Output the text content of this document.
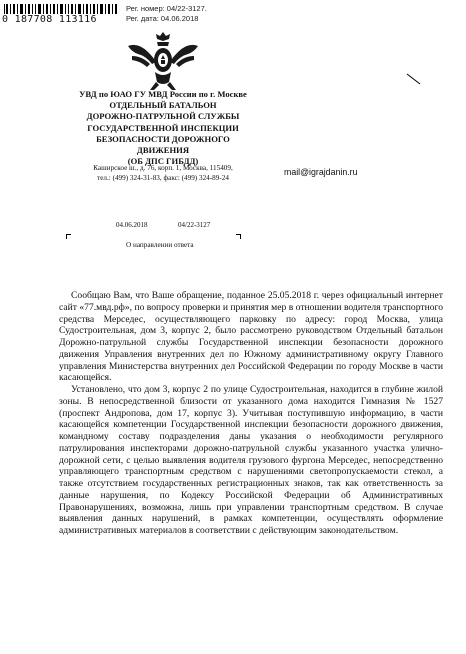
0 187708 113116
Рег. номер: 04/22-3127.
Рег. дата: 04.06.2018
УВД по ЮАО ГУ МВД России по г. Москве
ОТДЕЛЬНЫЙ БАТАЛЬОН
ДОРОЖНО-ПАТРУЛЬНОЙ СЛУЖБЫ
ГОСУДАРСТВЕННОЙ ИНСПЕКЦИИ
БЕЗОПАСНОСТИ ДОРОЖНОГО
ДВИЖЕНИЯ
(ОБ ДПС ГИБДД)
Каширское ш., д. 76, корп. 1, Москва, 115409,
тел.: (499) 324-31-83, факс: (499) 324-89-24
04.06.2018	04/22-3127
О направлении ответа
mail@igrajdanin.ru

Сообщаю Вам, что Ваше обращение, поданное 25.05.2018 г. через официальный интернет сайт «77.мвд.рф», по вопросу проверки и принятия мер в отношении водителя транспортного средства Мерседес, осуществляющего парковку по адресу: город Москва, улица Судостроительная, дом 3, корпус 2, было рассмотрено руководством Отдельный батальон Дорожно-патрульной службы Государственной инспекции безопасности дорожного движения Управления внутренних дел по Южному административному округу Главного управления Министерства внутренних дел Российской Федерации по городу Москве в части касающейся.

Установлено, что дом 3, корпус 2 по улице Судостроительная, находится в глубине жилой зоны. В непосредственной близости от указанного дома находится Гимназия № 1527 (проспект Андропова, дом 17, корпус 3). Учитывая поступившую информацию, в части касающейся компетенции Государственной инспекции безопасности дорожного движения, командному составу подразделения даны указания о необходимости регулярного патрулирования инспекторами дорожно-патрульной службы указанного участка улично-дорожной сети, с целью выявления водителя грузового фургона Мерседес, непосредственно управляющего транспортным средством с нарушениями светопропускаемости стекол, а также отсутствием государственных регистрационных знаков, так как ответственность за данные нарушения, по Кодексу Российской Федерации об Административных Правонарушениях, возможна, лишь при управлении транспортным средством. В случае выявления данных нарушений, в рамках компетенции, осуществлять оформление административных материалов в соответствии с действующим законодательством.
